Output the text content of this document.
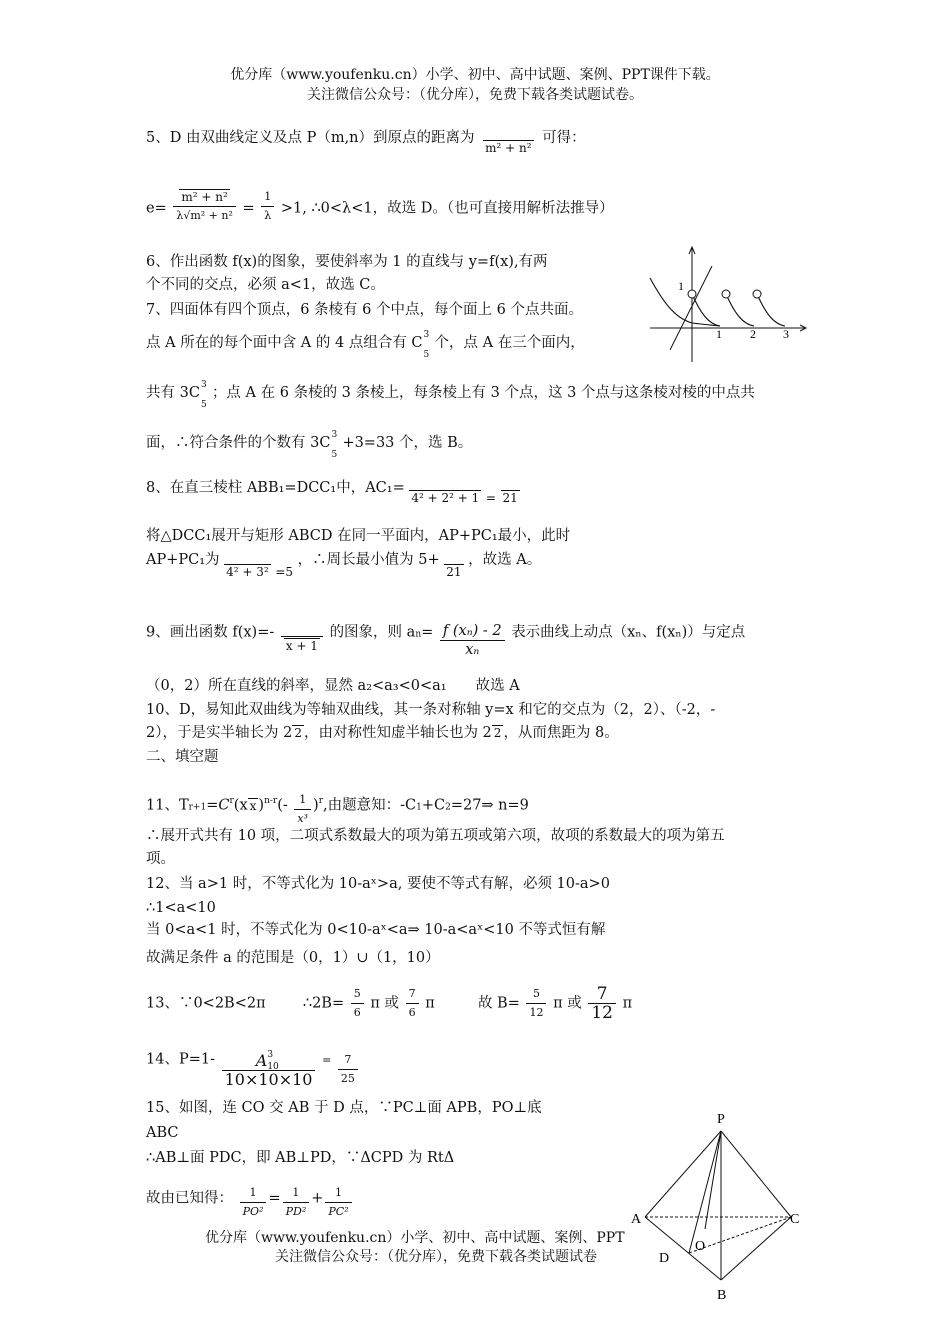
优分库（www.youfenku.cn）小学、初中、高中试题、案例、PPT课件下载。
关注微信公众号：（优分库），免费下载各类试题试卷。
5、D 由双曲线定义及点 P（m,n）到原点的距离为 m² + n² 可得：
$e= \frac{\text{m² + n²}}{\text{λ√m² + n²}} = \frac{1}{\lambda} >1$, ∴0<λ<1，故选 D。（也可直接用解析法推导）
6、作出函数 f(x)的图象，要使斜率为 1 的直线与 y=f(x),有两
个不同的交点，必须 a<1，故选 C。
7、四面体有四个顶点，6 条棱有 6 个中点，每个面上 6 个点共面。
点 A 所在的每个面中含 A 的 4 点组合有 C 3
5
个，点 A 在三个面内，
共有 3C 3
5
；点 A 在 6 条棱的 3 条棱上，每条棱上有 3 个点，这 3 个点与这条棱对棱的中点共
面，∴符合条件的个数有 3C 3
5
+3=33 个，选 B。
8、在直三棱柱 ABB₁=DCC₁中，AC₁= 4² + 2² + 1 $_=$ 21
将△DCC₁展开与矩形 ABCD 在同一平面内，AP+PC₁最小，此时
AP+PC₁为 4² + 3² $_{=5}$ ，∴周长最小值为 5+ 21 ，故选 A。
9、画出函数 f(x)=-
x + 1
的图象，则 $an= \frac{\text{f (xₙ) - 2}}{\text{xₙ}}$ 表示曲线上动点（xₙ、f(xₙ)）与定点
（0，2）所在直线的斜率，显然 a₂<a₃<0<a₁　　故选 A
10、D，易知此双曲线为等轴双曲线，其一条对称轴 y=x 和它的交点为（2，2）、（-2，-
2），于是实半轴长为 2 2 ，由对称性知虚半轴长也为 2 2 ，从而焦距为 8。
二、填空题
11、$Tr+1=C^r(x$ x )$^{n-r}(- \frac{1}{\text{x³}} )^r$,由题意知：-C1+C2=27⇒ n=9
∴展开式共有 10 项，二项式系数最大的项为第五项或第六项，故项的系数最大的项为第五
项。
12、当 a>1 时，不等式化为 10-aˣ>a, 要使不等式有解，必须 10-a>0
∴1<a<10
当 0<a<1 时，不等式化为 0<10-aˣ<a⇒ 10-a<aˣ<10 不等式恒有解
故满足条件 a 的范围是（0，1）∪（1，10）
13、∵0<2B<2π	∴2B= $\frac{5}{6}$ π 或 $\frac{7}{6}$ π	故 $B= \frac{5}{12}$ π 或 $\frac{7}{12}$ π
14、P=1- A 3
10
$10\times 10\times 10 = \frac{7}{25}$
15、如图，连 CO 交 AB 于 D 点，∵PC⊥面 APB，PO⊥底
ABC
∴AB⊥面 PDC，即 AB⊥PD，∵ΔCPD 为 RtΔ
故由已知得： $\frac{1}{\text{PO²}} = \frac{1}{\text{PD²}} + \frac{1}{\text{PC²}}$
1
1 2 3
P
A	C
O
D
B
优分库（www.youfenku.cn）小学、初中、高中试题、案例、PPT
关注微信公众号：（优分库），免费下载各类试题试卷
